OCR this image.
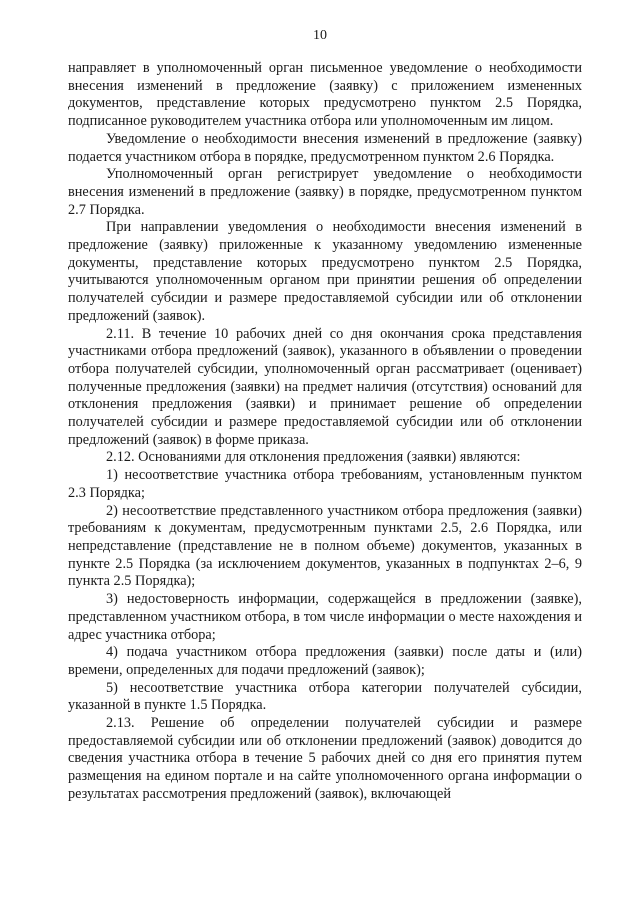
10

направляет в уполномоченный орган письменное уведомление о необходимости внесения изменений в предложение (заявку) с приложением измененных документов, представление которых предусмотрено пунктом 2.5 Порядка, подписанное руководителем участника отбора или уполномоченным им лицом.

Уведомление о необходимости внесения изменений в предложение (заявку) подается участником отбора в порядке, предусмотренном пунктом 2.6 Порядка.

Уполномоченный орган регистрирует уведомление о необходимости внесения изменений в предложение (заявку) в порядке, предусмотренном пунктом 2.7 Порядка.

При направлении уведомления о необходимости внесения изменений в предложение (заявку) приложенные к указанному уведомлению измененные документы, представление которых предусмотрено пунктом 2.5 Порядка, учитываются уполномоченным органом при принятии решения об определении получателей субсидии и размере предоставляемой субсидии или об отклонении предложений (заявок).

2.11. В течение 10 рабочих дней со дня окончания срока представления участниками отбора предложений (заявок), указанного в объявлении о проведении отбора получателей субсидии, уполномоченный орган рассматривает (оценивает) полученные предложения (заявки) на предмет наличия (отсутствия) оснований для отклонения предложения (заявки) и принимает решение об определении получателей субсидии и размере предоставляемой субсидии или об отклонении предложений (заявок) в форме приказа.

2.12. Основаниями для отклонения предложения (заявки) являются:

1) несоответствие участника отбора требованиям, установленным пунктом 2.3 Порядка;

2) несоответствие представленного участником отбора предложения (заявки) требованиям к документам, предусмотренным пунктами 2.5, 2.6 Порядка, или непредставление (представление не в полном объеме) документов, указанных в пункте 2.5 Порядка (за исключением документов, указанных в подпунктах 2–6, 9 пункта 2.5 Порядка);

3) недостоверность информации, содержащейся в предложении (заявке), представленном участником отбора, в том числе информации о месте нахождения и адрес участника отбора;

4) подача участником отбора предложения (заявки) после даты и (или) времени, определенных для подачи предложений (заявок);

5) несоответствие участника отбора категории получателей субсидии, указанной в пункте 1.5 Порядка.

2.13. Решение об определении получателей субсидии и размере предоставляемой субсидии или об отклонении предложений (заявок) доводится до сведения участника отбора в течение 5 рабочих дней со дня его принятия путем размещения на едином портале и на сайте уполномоченного органа информации о результатах рассмотрения предложений (заявок), включающей
